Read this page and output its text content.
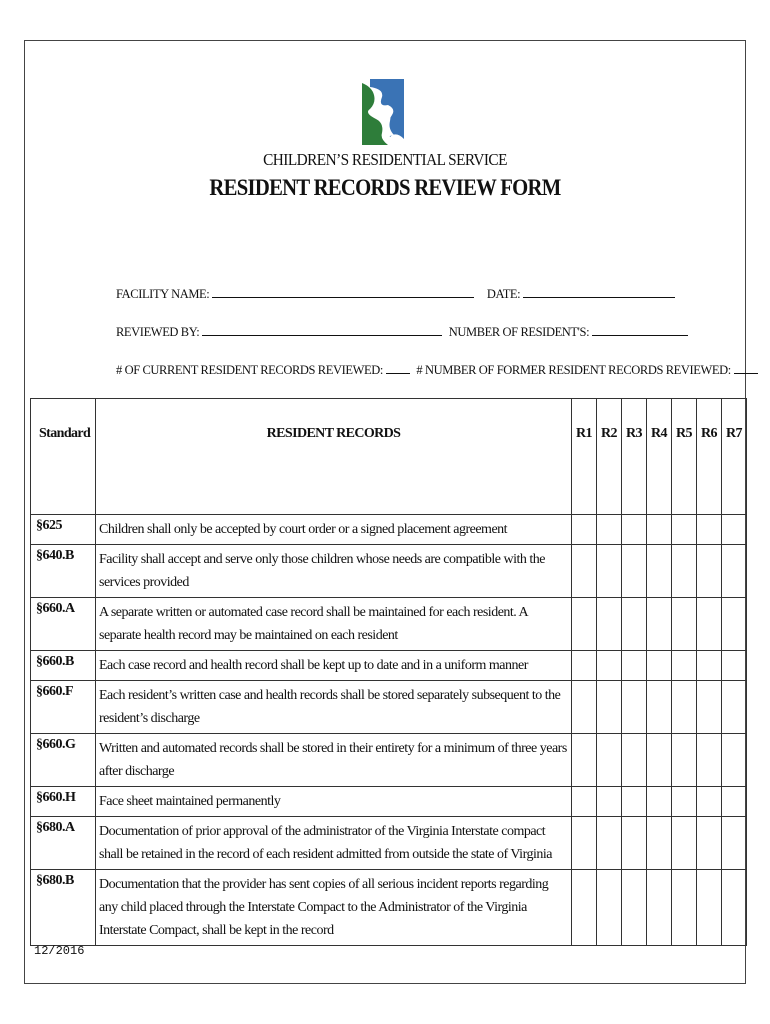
CHILDREN’S RESIDENTIAL SERVICE
RESIDENT RECORDS REVIEW FORM
FACILITY NAME:	DATE:
REVIEWED BY:	NUMBER OF RESIDENT'S:
# OF CURRENT RESIDENT RECORDS REVIEWED:	# NUMBER OF FORMER RESIDENT RECORDS REVIEWED:
Standard	RESIDENT RECORDS	R1	R2	R3	R4	R5	R6	R7

§625	Children shall only be accepted by court order or a signed placement agreement							
§640.B	Facility shall accept and serve only those children whose needs are compatible with the services provided							
§660.A	A separate written or automated case record shall be maintained for each resident. A separate health record may be maintained on each resident							
§660.B	Each case record and health record shall be kept up to date and in a uniform manner							
§660.F	Each resident’s written case and health records shall be stored separately subsequent to the resident’s discharge							
§660.G	Written and automated records shall be stored in their entirety for a minimum of three years after discharge							
§660.H	Face sheet maintained permanently							
§680.A	Documentation of prior approval of the administrator of the Virginia Interstate compact shall be retained in the record of each resident admitted from outside the state of Virginia							
§680.B	Documentation that the provider has sent copies of all serious incident reports regarding any child placed through the Interstate Compact to the Administrator of the Virginia Interstate Compact, shall be kept in the record							
12/2016
